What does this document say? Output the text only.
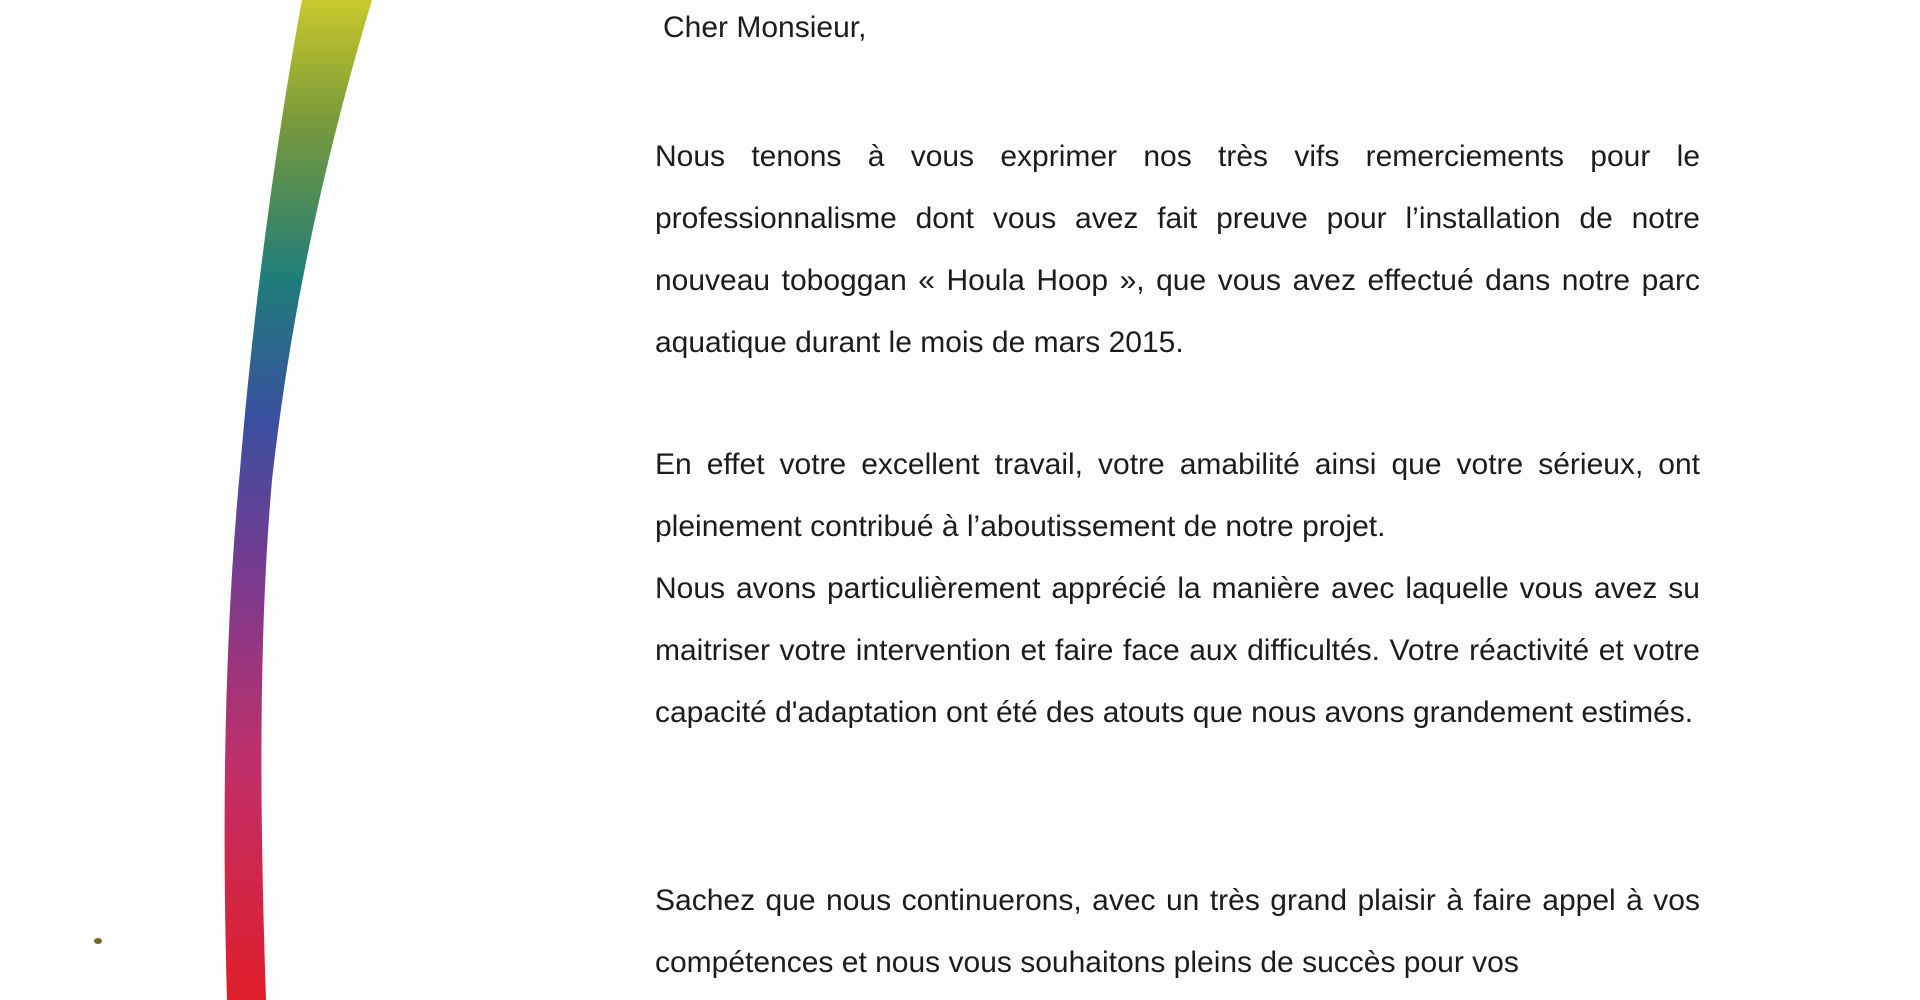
Cher Monsieur,

Nous tenons à vous exprimer nos très vifs remerciements pour le professionnalisme dont vous avez fait preuve pour l’installation de notre nouveau toboggan « Houla Hoop », que vous avez effectué dans notre parc aquatique durant le mois de mars 2015.

En effet votre excellent travail, votre amabilité ainsi que votre sérieux, ont pleinement contribué à l’aboutissement de notre projet.

Nous avons particulièrement apprécié la manière avec laquelle vous avez su maitriser votre intervention et faire face aux difficultés. Votre réactivité et votre capacité d'adaptation ont été des atouts que nous avons grandement estimés.

Sachez que nous continuerons, avec un très grand plaisir à faire appel à vos compétences et nous vous souhaitons pleins de succès pour vos
